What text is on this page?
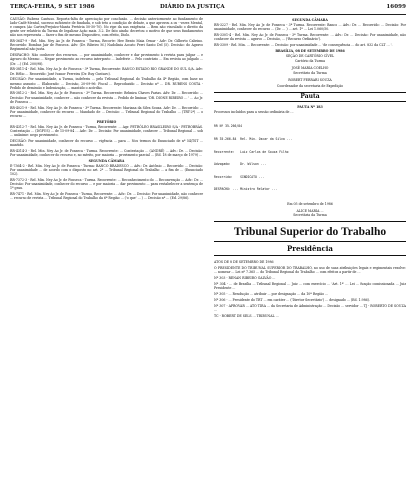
TERÇA-FEIRA, 9 SET 1986	DIÁRIO DA JUSTIÇA	16099

CAUSÃO: Rubens Cantuso. Reporta-falta de apreciação por conclusão. ... decisão anteriormente ao fundamento de Iado-Cadé-Mental, sucesso suficiente de fundada, e sob teto a condição de debate, a que aprovou a os - vezes Mental, e cumpra (Ao Cartes/Prejuízo-Manta Pretória 50-50-70). No ripe da nas exigência ... Bem não vinculado o direito da gente ser relatório da Turma de Iegalizar Ação mais. 3.2. De fato ainda: decretou o motivo de que seus fundamentos não nos representa ... fazer o fim de mesmo Dispositivo, com efeito, Diolo.

RR-3647-9 - Rel. Min. Ney Ao Jr. de Fonseca - Turma, Recorte: Hee Bento Maia Ornar - Adv: Dr. Gilberto Cabrino. Recorrido: Bombas Jair de Fonseca. Adv: (Dr. Ribeiro M.) Nadolinia Accato Ferri Santo Del (5). Decisão: do Agravo Regimental não justa.

DESPACHO: Não conhecer dos recursos. ... por unanimidade, conhecer e dar provimento à revista para julgar ... e Agravo do Mesmo ... Negar provimento ao recurso interposto ... Indeferir ... Pelo contrário ... Em revista ao julgado ... (Dr. ...) (Ed. 200/98).

RR-3811-4 - Rel. Min. Ney Ao Jr. de Fonseca - 3ª Turma, Recorrente: BANCO ESTADO RIO GRANDE DO SUL S/A. Adv: Dr. Hélio ... Recorrido: José Ivanor Ferreira (Dr. Ruy Gustavo).

DECISÃO: Por unanimidade, a Turma, indeferiu ... pelo Tribunal Regional do Trabalho da 4ª Região, com base no mesmo assunto ... Elaborado: ... Decisão, 20-09-96: Fiscal ... Reproduzido ... Decisão nº ... DR. RUBENS COSTA - Pedido de demissão e Indenização, ... mantido o acórdão.

RR-3812-2 - Rel. Min. Ney Ao Jr. de Fonseca - 3ª Turma. Recorrente: Belmira Chaves Farias. Adv: Dr. ... Recorrido: ... Decisão: Por unanimidade, conhecer ... não conhecer da revista ... Pedido de liminar, 'DR. DIONE RIBEIRO ... ' ... Ao Jr. de Fonseca ...

RR-4021-9 - Rel. Min. Ney Ao Jr. de Fonseca - 3ª Turma. Recorrente: Mariana da Silva Souza. Adv: Dr. ... Recorrido: ... Por unanimidade, conhecer do recurso ... Mandado de ... Decisão: ... Tribunal Regional do Trabalho ... (TRT-2ª) ... o recurso ...

PRETÓRIO

RR-4312-7 - Rel. Min. Ney Ao Jr. de Fonseca - Turma, Recorrente: ... Agr. PETRÓLEO BRASILEIRO S/A - PETROBRÁS. Contestação ... (DGPUS) ... de 15-09-84 ... Adv.: Dr. ... Decisão: Por unanimidade, conhecer ... Tribunal Regional ... sob ... unânime: nego provimento.

DECISÃO: Por unanimidade, conhecer do recurso ... vigência ... para ... Nos termos do Enunciado de nº 54/TST ... mantido.

RR-4314-3 - Rel. Min. Ney Ao Jr. de Fonseca - Turma. Recorrente: ... Contestação ... (ANDRÉ) ... Adv.: Dr. ... Decisão: Por unanimidade, conhecer do recurso e, no mérito, por maioria ... provimento parcial ... (Ed. 18 de março de 1979) ...

SEGUNDA CÂMARA

E-7364-2 - Rel. Min. Ney Ao Jr. de Fonseca - Turma: BANCO BRADESCO ... Adv.: Dr. Antônio ... Recorrido: ... Decisão: Por unanimidade ... de acordo com o disposto no art. 2º ... Tribunal Regional do Trabalho ... a fim de ... (Enunciado 102).

RR-7372-3 - Rel. Min. Ney Ao Jr. de Fonseca - Turma. Recorrente: ... Reconhecimento do ... Reconvenção ... Adv.: Dr. ... Decisão: Por unanimidade, conhecer do recurso ... e por maioria ... dar provimento ... para restabelecer a sentença de 1º grau.

RR-7471 - Rel. Min. Ney Ao Jr. de Fonseca - Turma, Recorrente: ... Adv.: Dr. ... Decisão: Por unanimidade, não conhecer ... recurso de revista ... Tribunal Regional do Trabalho da 6ª Região ... ('o que' ... ) ... Decisão nº ... (Ed. 29/86).

SEGUNDA CÂMARA

RR-3227 - Rel. Min. Ney Ao Jr. de Fonseca - 3ª Turma. Recorrente: Banco ... Adv.: Dr. ... Recorrido: ... Decisão: Por unanimidade, conhecer do recurso ... (Dr. ... ) ... art. 1º ... Lei 1.060/50.

RR-3301-4 - Rel. Min. Ney Ao Jr. de Fonseca - 3ª Turma. Recorrente: ... Adv.: Dr. ... Decisão: Por unanimidade, não conhecer da revista ... agravo ... Decisão, ... ('Recurso Ordinário').

RR-3309 - Rel. Min. ... Recorrente: ... Decisão: por unanimidade ... 'de consequência ... do art. 832 da CLT ... '.

BRASÍLIA, 08 DE SETEMBRO DE 1986
SEÇÃO DE CARTÓRIO CÍVEL
Cartório da Turma
JOSÉ MARIA COELHO
Secretário da Turma
ROBERT FERRARI SOUZA
Coordenador da secretaria de Expedição
Pauta
PAUTA Nº 183

Processos incluídos para a sessão ordinária de ...

RR Nº 35.266/84

RR 35.266-84  Rel. Min. Oscar da Silva ...

Recorrente:   Luiz Carlos de Souza Filho

Advogado:     Dr. Wilson ...

Recorrido:    SINDICATO ...

DESPACHO: ... Ministro Relator ...

Em 05 de setembro de 1986
ALICE MARIA ...
Secretária da Turma
Tribunal Superior do Trabalho
Presidência

ATOS DE 8 DE SETEMBRO DE 1986

O PRESIDENTE DO TRIBUNAL SUPERIOR DO TRABALHO, no uso de suas atribuições legais e regimentais resolve: ... nomear ... Lei nº 7.365 ... do Tribunal Regional do Trabalho ... com efeitos a partir de ...

Nº 303 - RENAN RIBEIRO GALVÃO ...

Nº 304 - ... de Brasília ... Tribunal Regional ... Juiz ... com exercício ... 'Art. 1º' ... Lei ... função comissionada ... Juiz Presidente ...

Nº 305 - ... Resolução ... atribuir ... por designação ... da 10ª Região ...

Nº 306 - ... Presidente do TRT ... em caráter ... ('Diretor Secretário') ... designado ... (Ed. 1.986).

Nº 307 - APROVAR ... ATO TIRA ... da Secretaria de Administração ... Decisão ... servidor ... TJ - ROBERTO DE SOUZA ...

TC - ROBERT DE SELS ... TRIBUNAL ...
